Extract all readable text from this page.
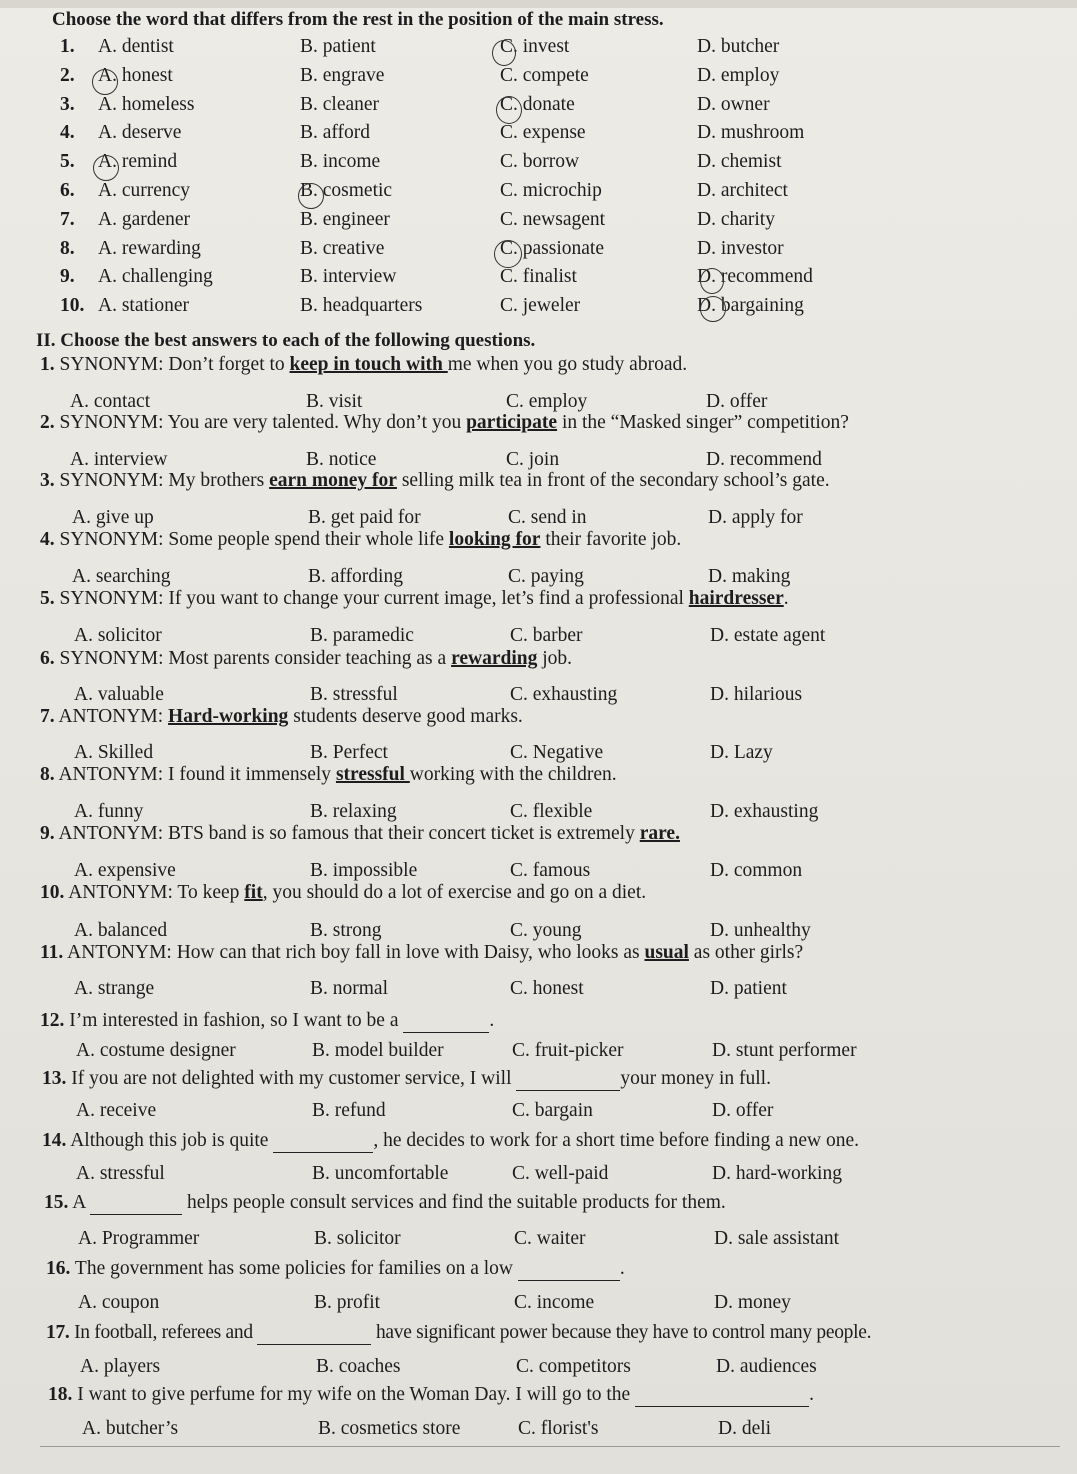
Choose the word that differs from the rest in the position of the main stress.
1. A. dentist	B. patient	C. invest	D. butcher
2. A. honest	B. engrave	C. compete	D. employ
3. A. homeless	B. cleaner	C. donate	D. owner
4. A. deserve	B. afford	C. expense	D. mushroom
5. A. remind	B. income	C. borrow	D. chemist
6. A. currency	B. cosmetic	C. microchip	D. architect
7. A. gardener	B. engineer	C. newsagent	D. charity
8. A. rewarding	B. creative	C. passionate	D. investor
9. A. challenging	B. interview	C. finalist	D. recommend
10. A. stationer	B. headquarters	C. jeweler	D. bargaining
II. Choose the best answers to each of the following questions.
1. SYNONYM: Don’t forget to keep in touch with me when you go study abroad.
A. contact	B. visit	C. employ	D. offer
2. SYNONYM: You are very talented. Why don’t you participate in the “Masked singer” competition?
A. interview	B. notice	C. join	D. recommend
3. SYNONYM: My brothers earn money for selling milk tea in front of the secondary school’s gate.
A. give up	B. get paid for	C. send in	D. apply for
4. SYNONYM: Some people spend their whole life looking for their favorite job.
A. searching	B. affording	C. paying	D. making
5. SYNONYM: If you want to change your current image, let’s find a professional hairdresser.
A. solicitor	B. paramedic	C. barber	D. estate agent
6. SYNONYM: Most parents consider teaching as a rewarding job.
A. valuable	B. stressful	C. exhausting	D. hilarious
7. ANTONYM: Hard-working students deserve good marks.
A. Skilled	B. Perfect	C. Negative	D. Lazy
8. ANTONYM: I found it immensely stressful working with the children.
A. funny	B. relaxing	C. flexible	D. exhausting
9. ANTONYM: BTS band is so famous that their concert ticket is extremely rare.
A. expensive	B. impossible	C. famous	D. common
10. ANTONYM: To keep fit, you should do a lot of exercise and go on a diet.
A. balanced	B. strong	C. young	D. unhealthy
11. ANTONYM: How can that rich boy fall in love with Daisy, who looks as usual as other girls?
A. strange	B. normal	C. honest	D. patient
12. I’m interested in fashion, so I want to be a	.
A. costume designer	B. model builder	C. fruit-picker	D. stunt performer
13. If you are not delighted with my customer service, I will	your money in full.
A. receive	B. refund	C. bargain	D. offer
14. Although this job is quite	, he decides to work for a short time before finding a new one.
A. stressful	B. uncomfortable	C. well-paid	D. hard-working
15. A	helps people consult services and find the suitable products for them.
A. Programmer	B. solicitor	C. waiter	D. sale assistant
16. The government has some policies for families on a low	.
A. coupon	B. profit	C. income	D. money
17. In football, referees and	have significant power because they have to control many people.
A. players	B. coaches	C. competitors	D. audiences
18. I want to give perfume for my wife on the Woman Day. I will go to the	.
A. butcher’s	B. cosmetics store	C. florist's	D. deli
